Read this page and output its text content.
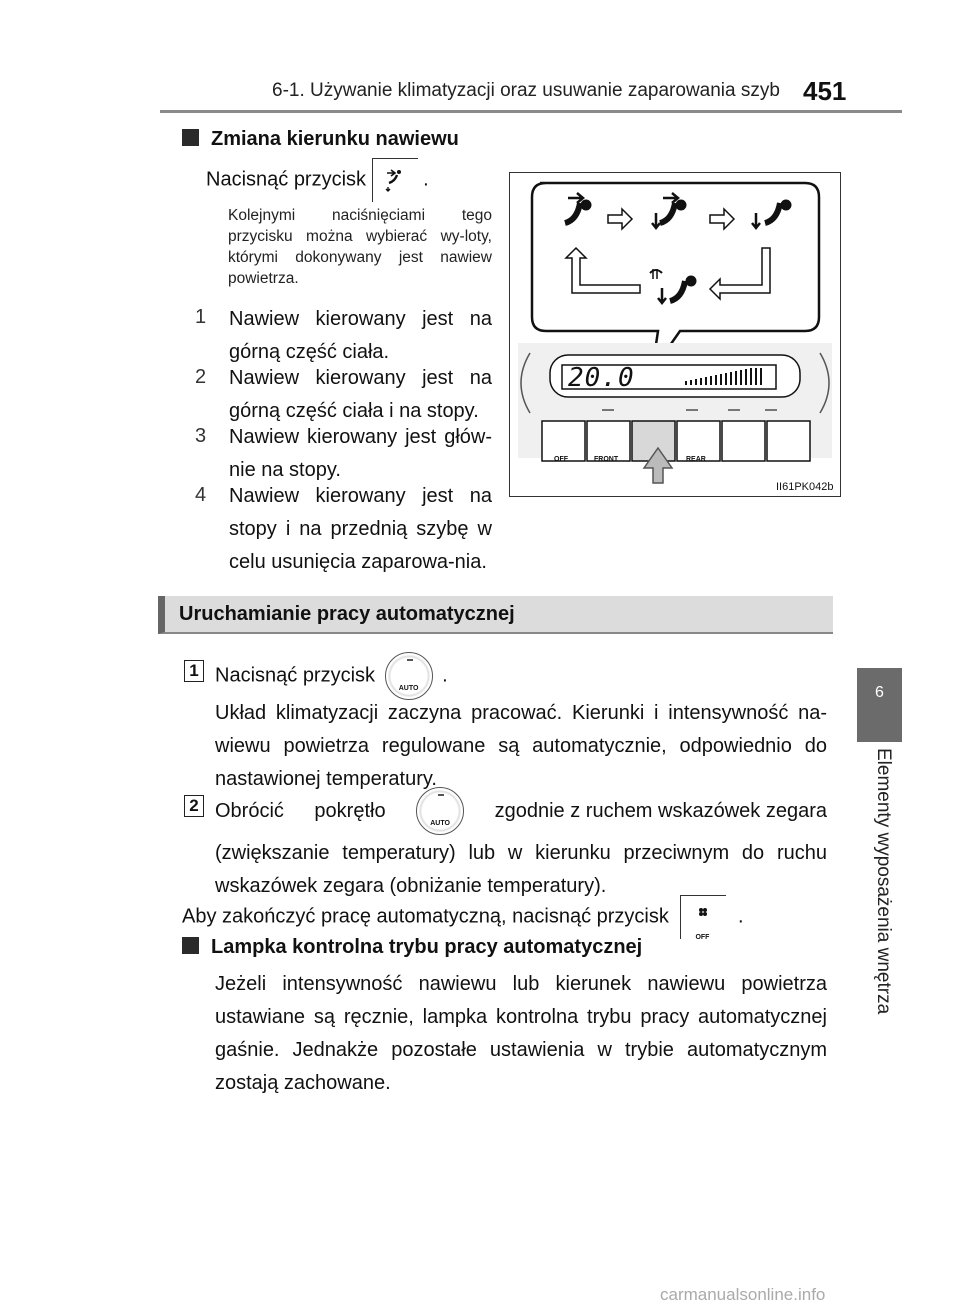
6-1. Używanie klimatyzacji oraz usuwanie zaparowania szyb 451
6
Elementy wyposażenia wnętrza
Zmiana kierunku nawiewu
Nacisnąć przycisk	.
Kolejnymi naciśnięciami tego przycisku można wybierać wy-loty, którymi dokonywany jest nawiew powietrza.
1 Nawiew kierowany jest na górną część ciała.
2 Nawiew kierowany jest na górną część ciała i na stopy.
3 Nawiew kierowany jest głów-nie na stopy.
4 Nawiew kierowany jest na stopy i na przednią szybę w celu usunięcia zaparowa-nia.
20.0
OFF	FRONT	REAR
II61PK042b
Uruchamianie pracy automatycznej
1 Nacisnąć przycisk
AUTO
.
Układ klimatyzacji zaczyna pracować. Kierunki i intensywność na-wiewu powietrza regulowane są automatycznie, odpowiednio do nastawionej temperatury.
2 Obrócić pokrętło
AUTO
zgodnie z ruchem wskazówek zegara
(zwiększanie temperatury) lub w kierunku przeciwnym do ruchu wskazówek zegara (obniżanie temperatury).
Aby zakończyć pracę automatyczną, nacisnąć przycisk
OFF
.
Lampka kontrolna trybu pracy automatycznej
Jeżeli intensywność nawiewu lub kierunek nawiewu powietrza ustawiane są ręcznie, lampka kontrolna trybu pracy automatycznej gaśnie. Jednakże pozostałe ustawienia w trybie automatycznym zostają zachowane.
carmanualsonline.info
